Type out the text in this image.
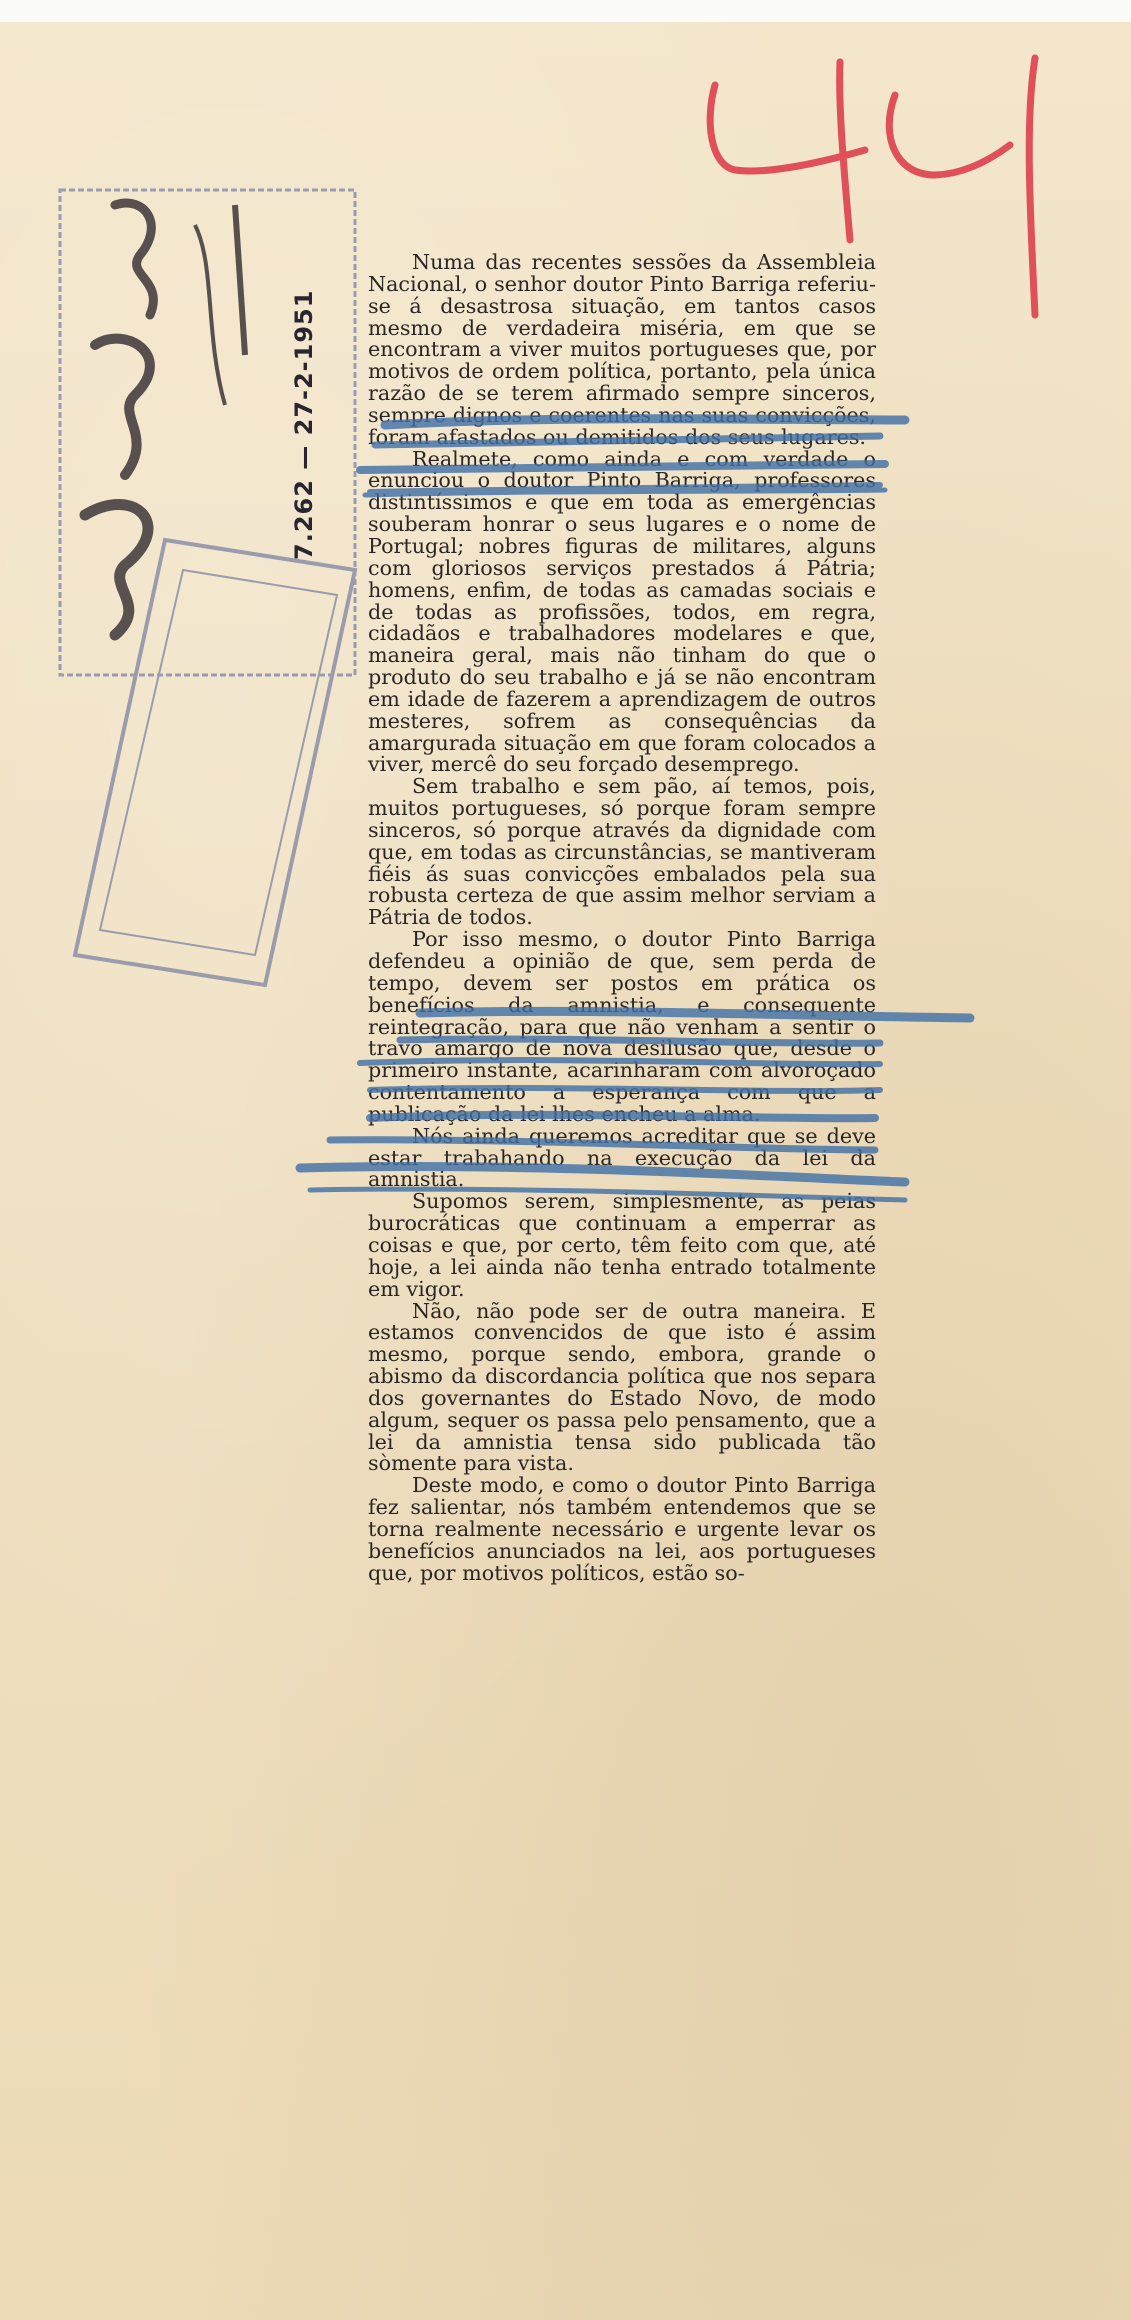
7.262 — 27-2-1951

Numa das recentes sessões da Assembleia Nacional, o senhor doutor Pinto Barriga referiu-se á desastrosa situação, em tantos casos mesmo de verdadeira miséria, em que se encontram a viver muitos portugueses que, por motivos de ordem política, portanto, pela única razão de se terem afirmado sempre sinceros, sempre dignos e coerentes nas suas convicções, foram afastados ou demitidos dos seus lugares.

Realmete, como ainda e com verdade o enunciou o doutor Pinto Barriga, professores distintíssimos e que em toda as emergências souberam honrar o seus lugares e o nome de Portugal; nobres figuras de militares, alguns com gloriosos serviços prestados á Pátria; homens, enfim, de todas as camadas sociais e de todas as profissões, todos, em regra, cidadãos e trabalhadores modelares e que, maneira geral, mais não tinham do que o produto do seu trabalho e já se não encontram em idade de fazerem a aprendizagem de outros mesteres, sofrem as consequências da amargurada situação em que foram colocados a viver, mercê do seu forçado desemprego.

Sem trabalho e sem pão, aí temos, pois, muitos portugueses, só porque foram sempre sinceros, só porque através da dignidade com que, em todas as circunstâncias, se mantiveram fiéis ás suas convicções embalados pela sua robusta certeza de que assim melhor serviam a Pátria de todos.

Por isso mesmo, o doutor Pinto Barriga defendeu a opinião de que, sem perda de tempo, devem ser postos em prática os benefícios da amnistia, e consequente reintegração, para que não venham a sentir o travo amargo de nova desilusão que, desde o primeiro instante, acarinharam com alvoroçado contentamento a esperança com que a publicação da lei lhes encheu a alma.

Nós ainda queremos acreditar que se deve estar trabahando na execução da lei da amnistia.

Supomos serem, simplesmente, as peias burocráticas que continuam a emperrar as coisas e que, por certo, têm feito com que, até hoje, a lei ainda não tenha entrado totalmente em vigor.

Não, não pode ser de outra maneira. E estamos convencidos de que isto é assim mesmo, porque sendo, embora, grande o abismo da discordancia política que nos separa dos governantes do Estado Novo, de modo algum, sequer os passa pelo pensamento, que a lei da amnistia tensa sido publicada tão sòmente para vista.

Deste modo, e como o doutor Pinto Barriga fez salientar, nós também entendemos que se torna realmente necessário e urgente levar os benefícios anunciados na lei, aos portugueses que, por motivos políticos, estão so-
